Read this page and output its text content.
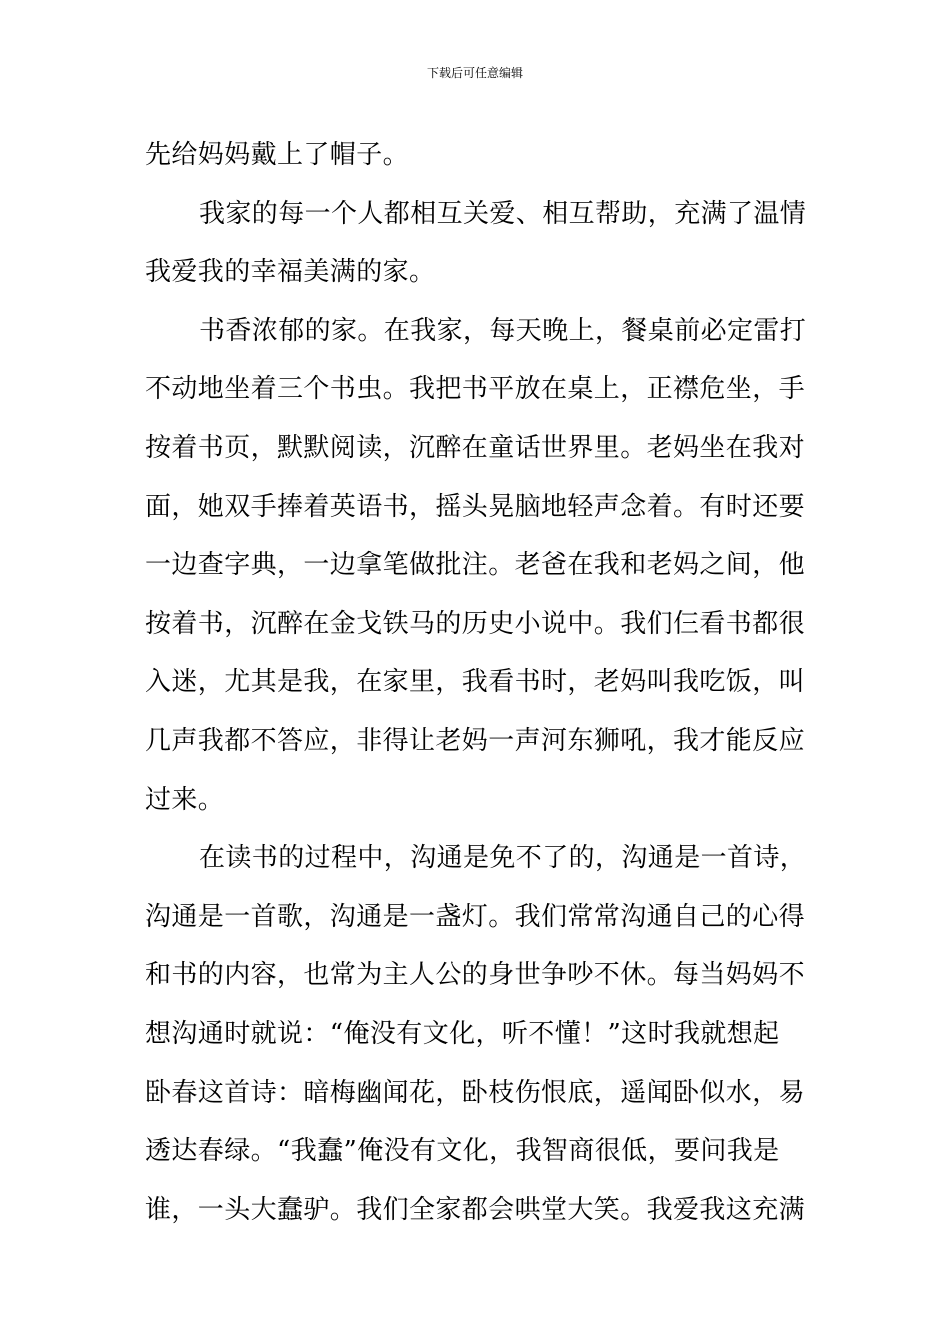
下载后可任意编辑
先给妈妈戴上了帽子。
我家的每一个人都相互关爱、相互帮助，充满了温情
我爱我的幸福美满的家。
书香浓郁的家。在我家，每天晚上，餐桌前必定雷打
不动地坐着三个书虫。我把书平放在桌上，正襟危坐，手
按着书页，默默阅读，沉醉在童话世界里。老妈坐在我对
面，她双手捧着英语书，摇头晃脑地轻声念着。有时还要
一边查字典，一边拿笔做批注。老爸在我和老妈之间，他
按着书，沉醉在金戈铁马的历史小说中。我们仨看书都很
入迷，尤其是我，在家里，我看书时，老妈叫我吃饭，叫
几声我都不答应，非得让老妈一声河东狮吼，我才能反应
过来。
在读书的过程中，沟通是免不了的，沟通是一首诗，
沟通是一首歌，沟通是一盏灯。我们常常沟通自己的心得
和书的内容，也常为主人公的身世争吵不休。每当妈妈不
想沟通时就说：“俺没有文化，听不懂！”这时我就想起
卧春这首诗：暗梅幽闻花，卧枝伤恨底，遥闻卧似水，易
透达春绿。“我蠢”俺没有文化，我智商很低，要问我是
谁，一头大蠢驴。我们全家都会哄堂大笑。我爱我这充满
